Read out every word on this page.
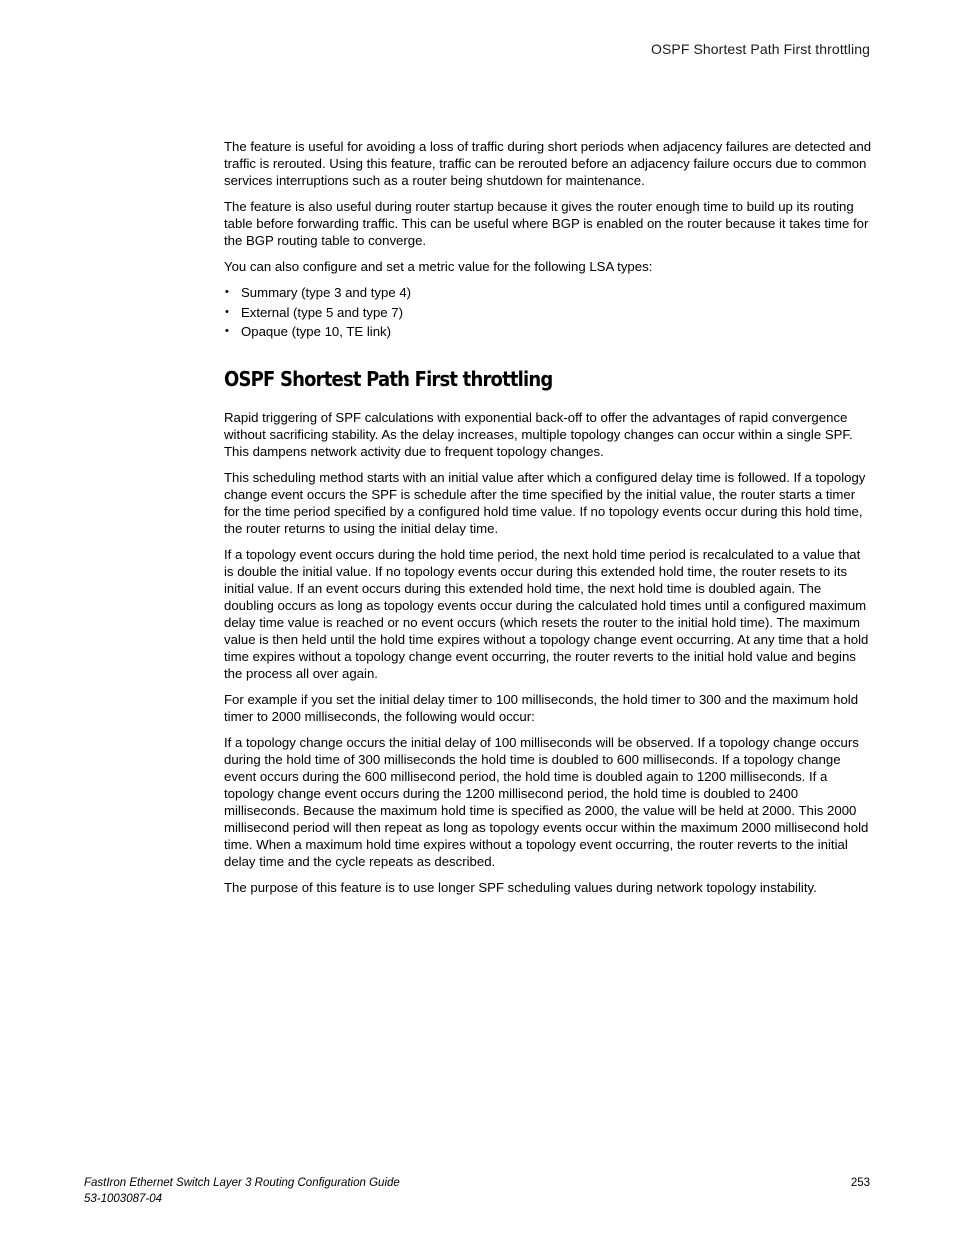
OSPF Shortest Path First throttling

The feature is useful for avoiding a loss of traffic during short periods when adjacency failures are detected and traffic is rerouted. Using this feature, traffic can be rerouted before an adjacency failure occurs due to common services interruptions such as a router being shutdown for maintenance.

The feature is also useful during router startup because it gives the router enough time to build up its routing table before forwarding traffic. This can be useful where BGP is enabled on the router because it takes time for the BGP routing table to converge.

You can also configure and set a metric value for the following LSA types:

• Summary (type 3 and type 4)
• External (type 5 and type 7)
• Opaque (type 10, TE link)
OSPF Shortest Path First throttling

Rapid triggering of SPF calculations with exponential back-off to offer the advantages of rapid convergence without sacrificing stability. As the delay increases, multiple topology changes can occur within a single SPF. This dampens network activity due to frequent topology changes.

This scheduling method starts with an initial value after which a configured delay time is followed. If a topology change event occurs the SPF is schedule after the time specified by the initial value, the router starts a timer for the time period specified by a configured hold time value. If no topology events occur during this hold time, the router returns to using the initial delay time.

If a topology event occurs during the hold time period, the next hold time period is recalculated to a value that is double the initial value. If no topology events occur during this extended hold time, the router resets to its initial value. If an event occurs during this extended hold time, the next hold time is doubled again. The doubling occurs as long as topology events occur during the calculated hold times until a configured maximum delay time value is reached or no event occurs (which resets the router to the initial hold time). The maximum value is then held until the hold time expires without a topology change event occurring. At any time that a hold time expires without a topology change event occurring, the router reverts to the initial hold value and begins the process all over again.

For example if you set the initial delay timer to 100 milliseconds, the hold timer to 300 and the maximum hold timer to 2000 milliseconds, the following would occur:

If a topology change occurs the initial delay of 100 milliseconds will be observed. If a topology change occurs during the hold time of 300 milliseconds the hold time is doubled to 600 milliseconds. If a topology change event occurs during the 600 millisecond period, the hold time is doubled again to 1200 milliseconds. If a topology change event occurs during the 1200 millisecond period, the hold time is doubled to 2400 milliseconds. Because the maximum hold time is specified as 2000, the value will be held at 2000. This 2000 millisecond period will then repeat as long as topology events occur within the maximum 2000 millisecond hold time. When a maximum hold time expires without a topology event occurring, the router reverts to the initial delay time and the cycle repeats as described.

The purpose of this feature is to use longer SPF scheduling values during network topology instability.

FastIron Ethernet Switch Layer 3 Routing Configuration Guide
53-1003087-04
253
